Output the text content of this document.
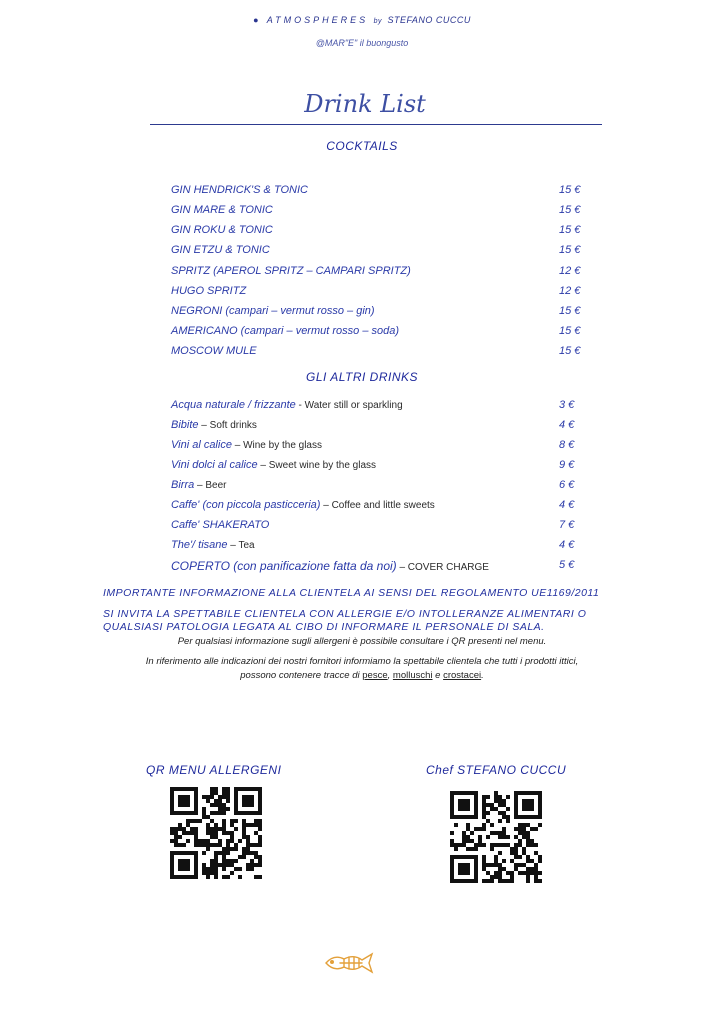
● ATMOSPHERES by STEFANO CUCCU
@MAR"E" il buongusto
Drink List
COCKTAILS
GIN HENDRICK'S & TONIC	15 €
GIN MARE & TONIC	15 €
GIN ROKU & TONIC	15 €
GIN ETZU & TONIC	15 €
SPRITZ (APEROL SPRITZ – CAMPARI SPRITZ)	12 €
HUGO SPRITZ	12 €
NEGRONI (campari – vermut rosso – gin)	15 €
AMERICANO (campari – vermut rosso – soda)	15 €
MOSCOW MULE	15 €
GLI ALTRI DRINKS
Acqua naturale / frizzante - Water still or sparkling	3 €
Bibite – Soft drinks	4 €
Vini al calice – Wine by the glass	8 €
Vini dolci al calice – Sweet wine by the glass	9 €
Birra – Beer	6 €
Caffe' (con piccola pasticceria) – Coffee and little sweets	4 €
Caffe' SHAKERATO	7 €
The'/ tisane – Tea	4 €
COPERTO (con panificazione fatta da noi) – COVER CHARGE	5 €
IMPORTANTE INFORMAZIONE ALLA CLIENTELA AI SENSI DEL REGOLAMENTO UE1169/2011
SI INVITA LA SPETTABILE CLIENTELA CON ALLERGIE E/O INTOLLERANZE ALIMENTARI O
QUALSIASI PATOLOGIA LEGATA AL CIBO DI INFORMARE IL PERSONALE DI SALA.
Per qualsiasi informazione sugli allergeni è possibile consultare i QR presenti nel menu.
In riferimento alle indicazioni dei nostri fornitori informiamo la spettabile clientela che tutti i prodotti ittici,
possono contenere tracce di pesce, molluschi e crostacei.
QR MENU ALLERGENI	Chef STEFANO CUCCU
